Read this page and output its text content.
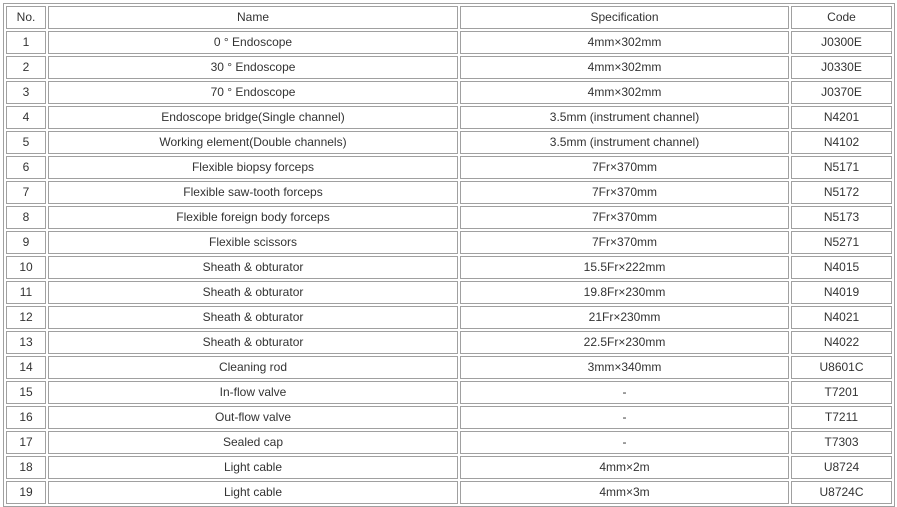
No.	Name	Specification	Code
1	0 ° Endoscope	4mm×302mm	J0300E
2	30 ° Endoscope	4mm×302mm	J0330E
3	70 ° Endoscope	4mm×302mm	J0370E
4	Endoscope bridge(Single channel)	3.5mm (instrument channel)	N4201
5	Working element(Double channels)	3.5mm (instrument channel)	N4102
6	Flexible biopsy forceps	7Fr×370mm	N5171
7	Flexible saw-tooth forceps	7Fr×370mm	N5172
8	Flexible foreign body forceps	7Fr×370mm	N5173
9	Flexible scissors	7Fr×370mm	N5271
10	Sheath & obturator	15.5Fr×222mm	N4015
11	Sheath & obturator	19.8Fr×230mm	N4019
12	Sheath & obturator	21Fr×230mm	N4021
13	Sheath & obturator	22.5Fr×230mm	N4022
14	Cleaning rod	3mm×340mm	U8601C
15	In-flow valve	-	T7201
16	Out-flow valve	-	T7211
17	Sealed cap	-	T7303
18	Light cable	4mm×2m	U8724
19	Light cable	4mm×3m	U8724C
